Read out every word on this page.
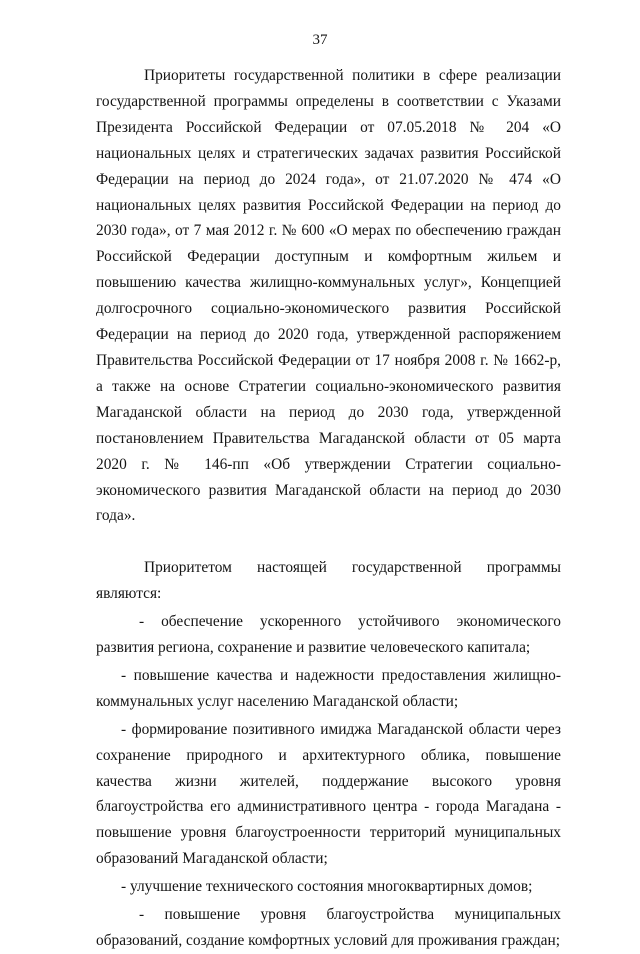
37

Приоритеты государственной политики в сфере реализации государственной программы определены в соответствии с Указами Президента Российской Федерации от 07.05.2018 № 204 «О национальных целях и стратегических задачах развития Российской Федерации на период до 2024 года», от 21.07.2020 № 474 «О национальных целях развития Российской Федерации на период до 2030 года», от 7 мая 2012 г. № 600 «О мерах по обеспечению граждан Российской Федерации доступным и комфортным жильем и повышению качества жилищно-коммунальных услуг», Концепцией долгосрочного социально-экономического развития Российской Федерации на период до 2020 года, утвержденной распоряжением Правительства Российской Федерации от 17 ноября 2008 г. № 1662-р, а также на основе Стратегии социально-экономического развития Магаданской области на период до 2030 года, утвержденной постановлением Правительства Магаданской области от 05 марта 2020 г. № 146-пп «Об утверждении Стратегии социально-экономического развития Магаданской области на период до 2030 года».

Приоритетом настоящей государственной программы являются:

- обеспечение ускоренного устойчивого экономического развития региона, сохранение и развитие человеческого капитала;

- повышение качества и надежности предоставления жилищно-коммунальных услуг населению Магаданской области;

- формирование позитивного имиджа Магаданской области через сохранение природного и архитектурного облика, повышение качества жизни жителей, поддержание высокого уровня благоустройства его административного центра - города Магадана - повышение уровня благоустроенности территорий муниципальных образований Магаданской области;

- улучшение технического состояния многоквартирных домов;

- повышение уровня благоустройства муниципальных образований, создание комфортных условий для проживания граждан;
